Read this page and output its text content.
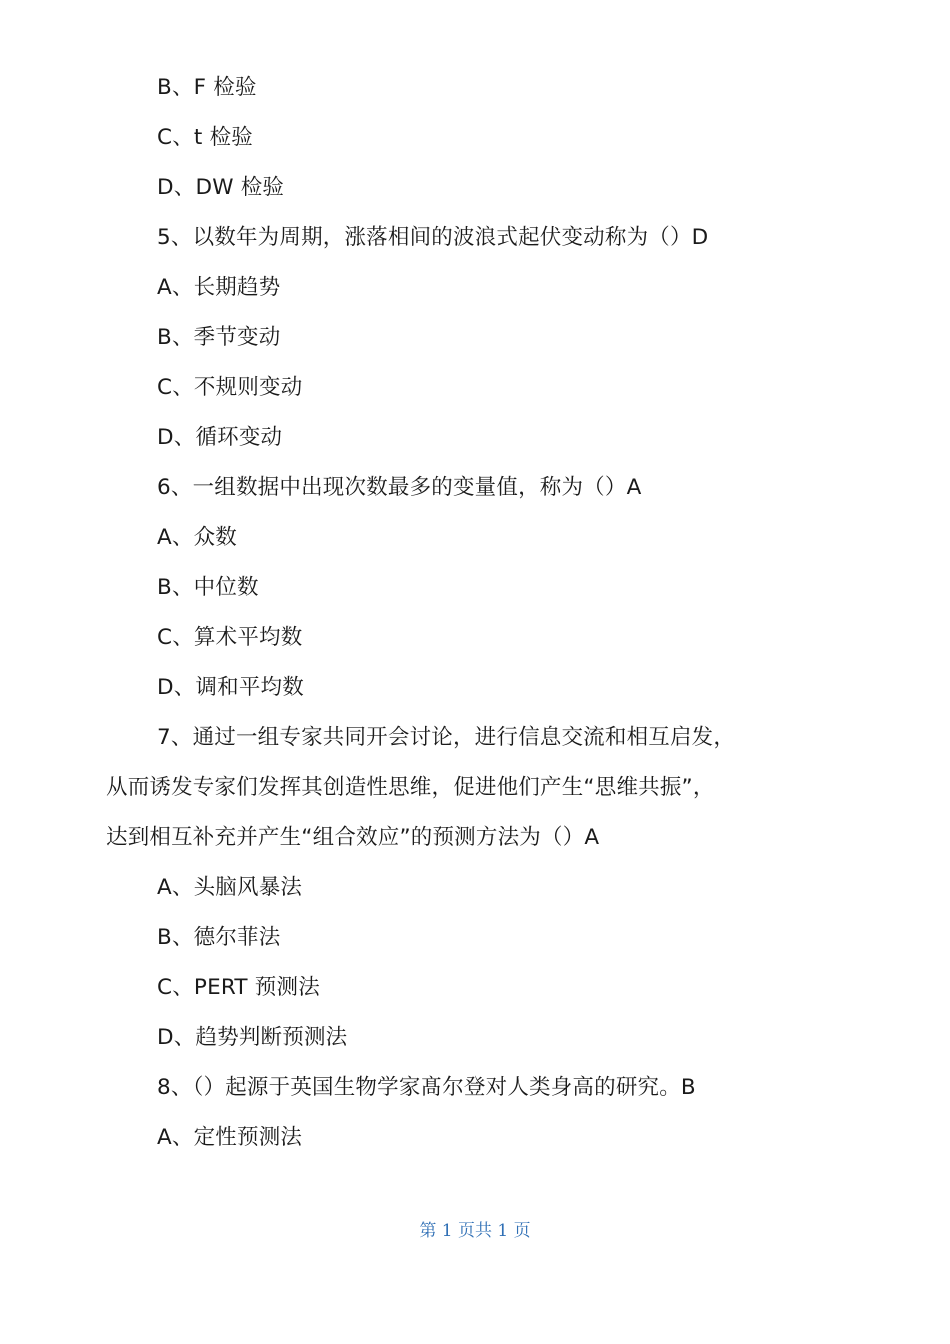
B、F 检验
C、t 检验
D、DW 检验
5、以数年为周期，涨落相间的波浪式起伏变动称为（）D
A、长期趋势
B、季节变动
C、不规则变动
D、循环变动
6、一组数据中出现次数最多的变量值，称为（）A
A、众数
B、中位数
C、算术平均数
D、调和平均数
7、通过一组专家共同开会讨论，进行信息交流和相互启发，
从而诱发专家们发挥其创造性思维，促进他们产生“思维共振”，
达到相互补充并产生“组合效应”的预测方法为（）A
A、头脑风暴法
B、德尔菲法
C、PERT 预测法
D、趋势判断预测法
8、（）起源于英国生物学家髙尔登对人类身高的研究。B
A、定性预测法
第 1 页共 1 页
